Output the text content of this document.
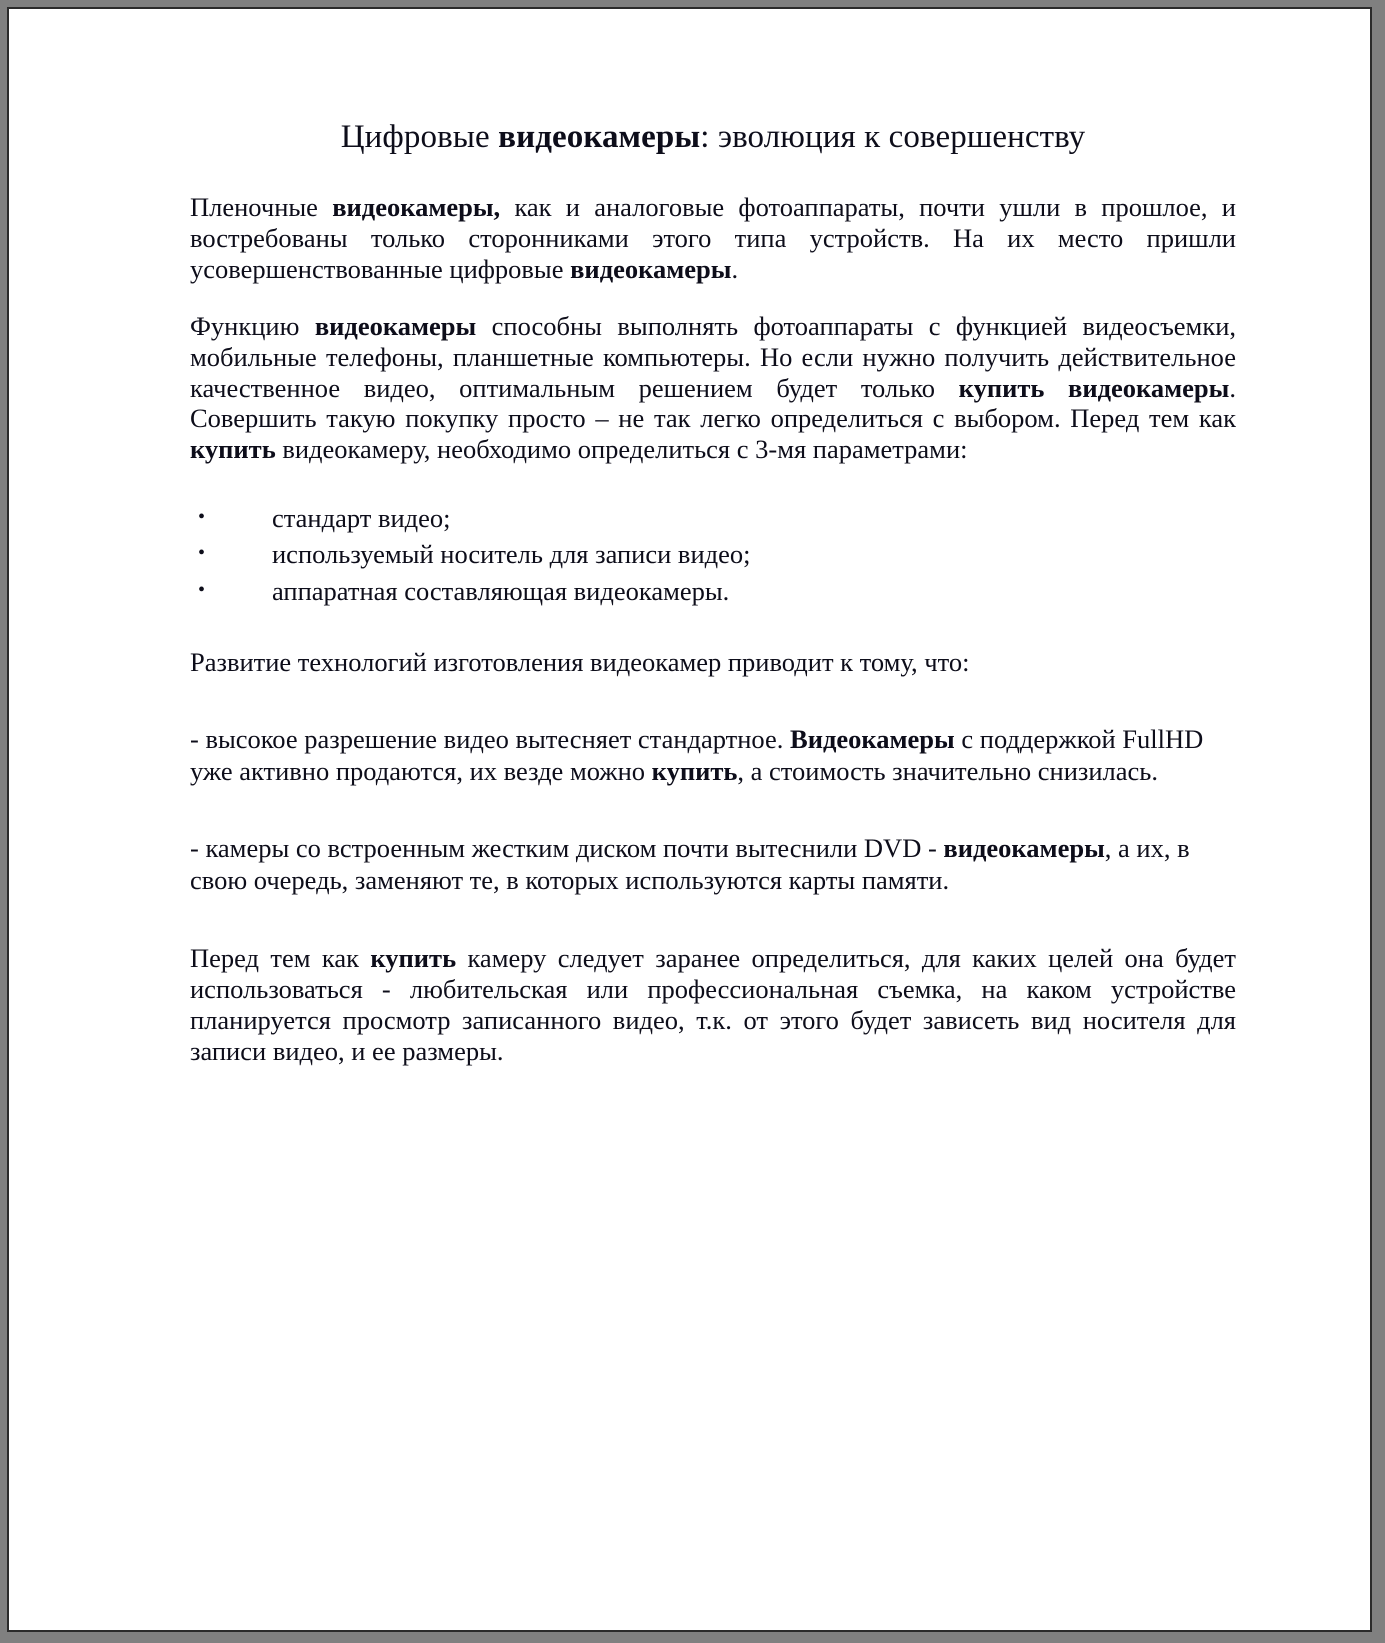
Цифровые видеокамеры: эволюция к совершенству

Пленочные видеокамеры, как и аналоговые фотоаппараты, почти ушли в прошлое, и востребованы только сторонниками этого типа устройств. На их место пришли усовершенствованные цифровые видеокамеры.

Функцию видеокамеры способны выполнять фотоаппараты с функцией видеосъемки, мобильные телефоны, планшетные компьютеры. Но если нужно получить действительное качественное видео, оптимальным решением будет только купить видеокамеры. Совершить такую покупку просто – не так легко определиться с выбором. Перед тем как купить видеокамеру, необходимо определиться с 3-мя параметрами:

•	стандарт видео;
•	используемый носитель для записи видео;
•	аппаратная составляющая видеокамеры.

Развитие технологий изготовления видеокамер приводит к тому, что:

- высокое разрешение видео вытесняет стандартное. Видеокамеры с поддержкой FullHD уже активно продаются, их везде можно купить, а стоимость значительно снизилась.

- камеры со встроенным жестким диском почти вытеснили DVD - видеокамеры, а их, в свою очередь, заменяют те, в которых используются карты памяти.

Перед тем как купить камеру следует заранее определиться, для каких целей она будет использоваться - любительская или профессиональная съемка, на каком устройстве планируется просмотр записанного видео, т.к. от этого будет зависеть вид носителя для записи видео, и ее размеры.
